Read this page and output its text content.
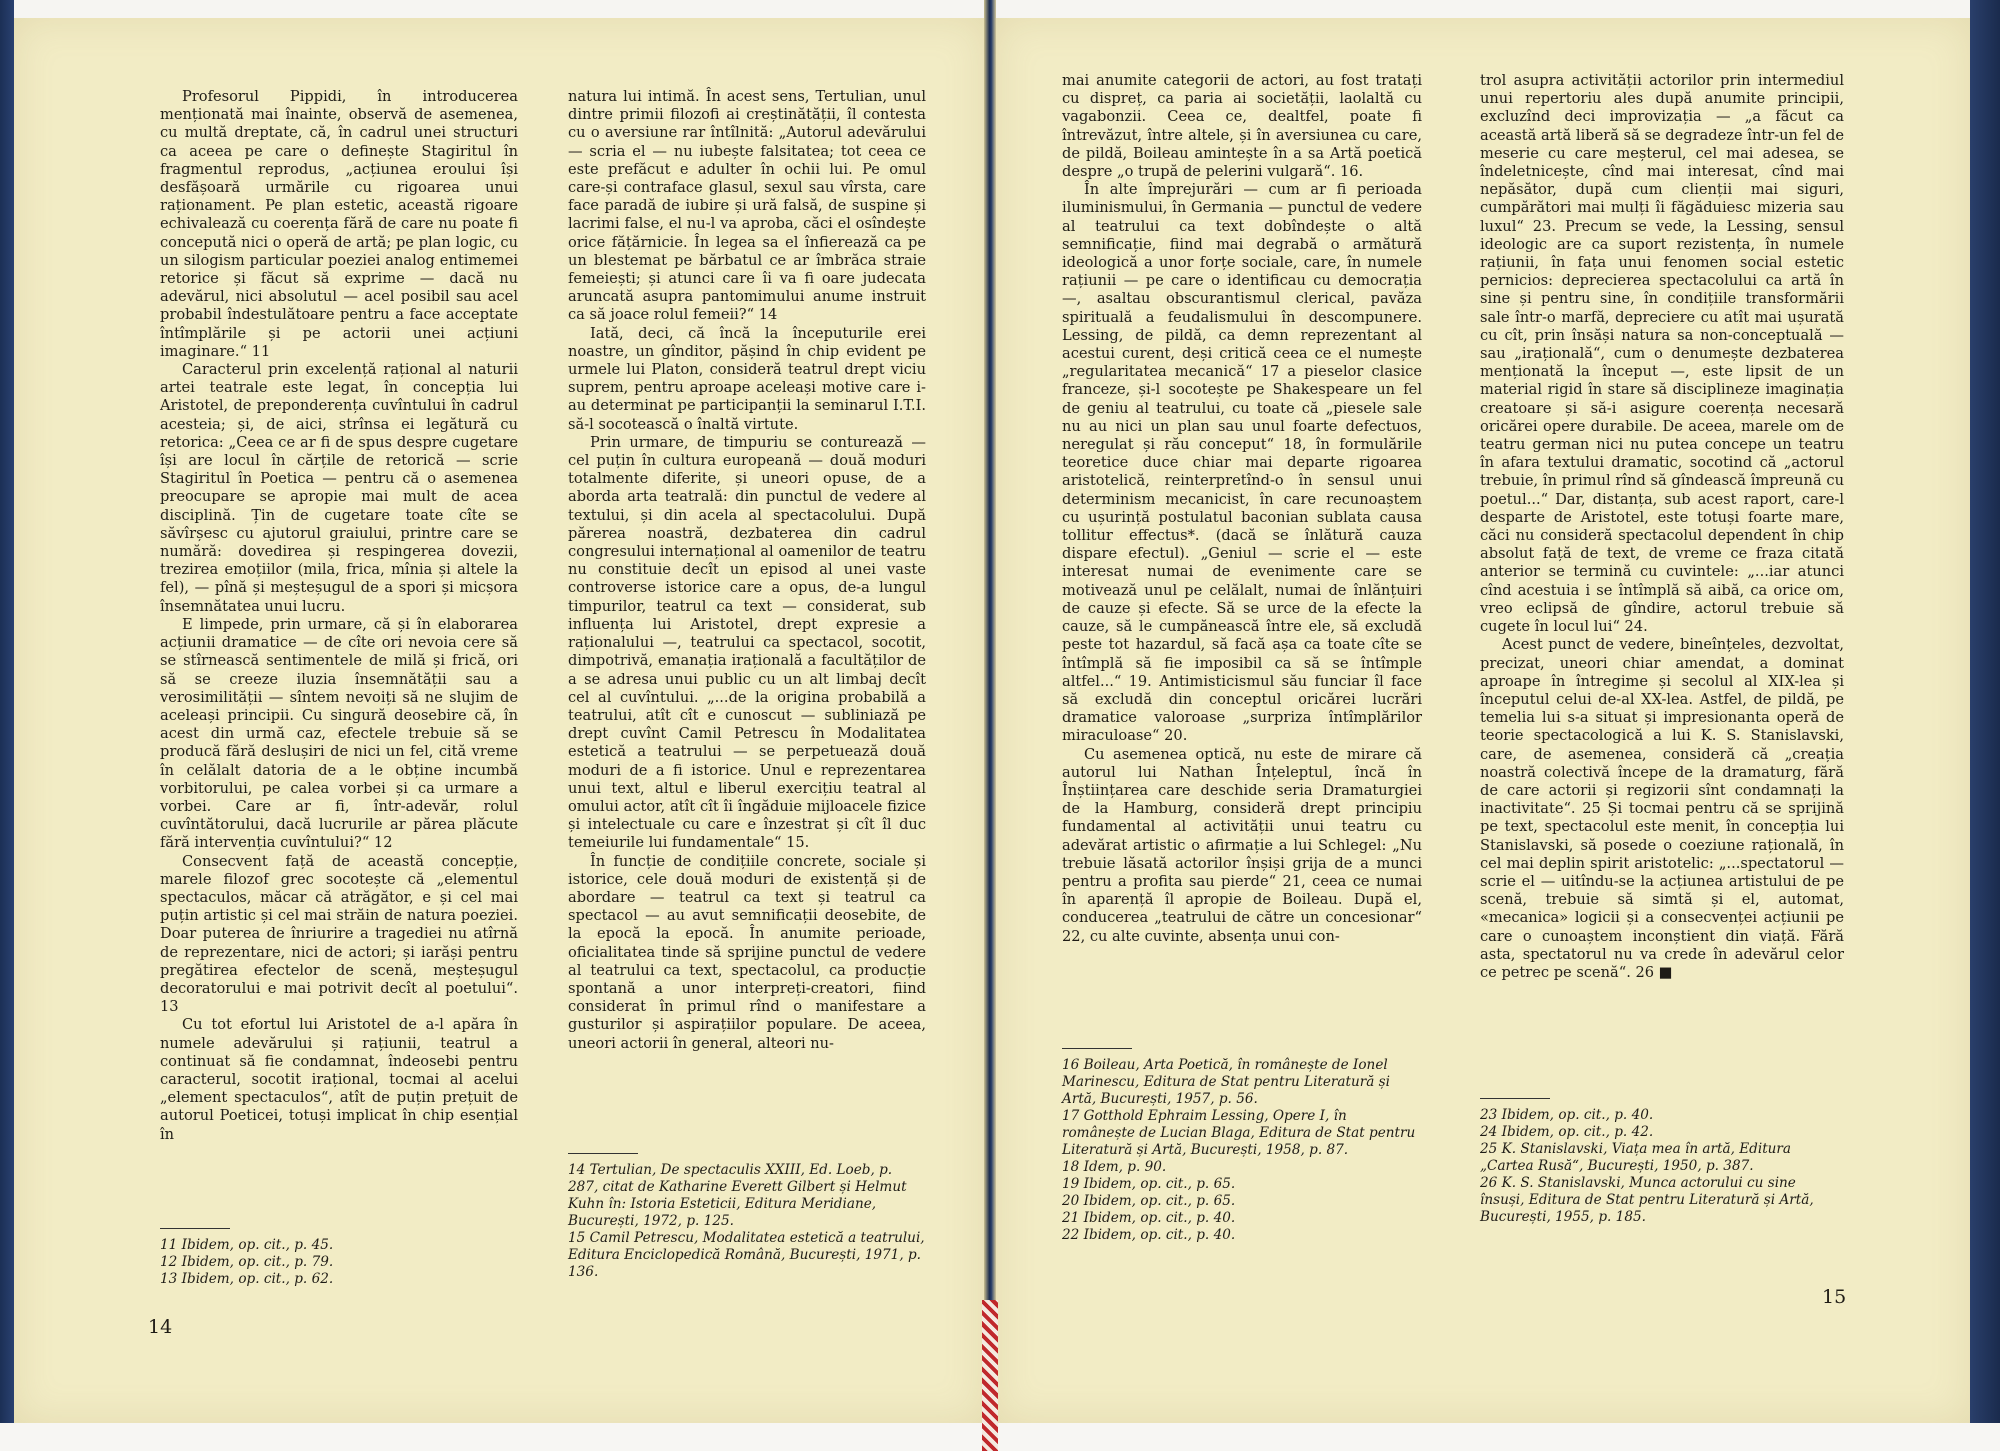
Profesorul Pippidi, în introducerea menționată mai înainte, observă de asemenea, cu multă dreptate, că, în cadrul unei structuri ca aceea pe care o definește Stagiritul în fragmentul reprodus, „acțiunea eroului își desfășoară urmările cu rigoarea unui raționament. Pe plan estetic, această rigoare echivalează cu coerența fără de care nu poate fi concepută nici o operă de artă; pe plan logic, cu un silogism particular poeziei analog entimemei retorice și făcut să exprime — dacă nu adevărul, nici absolutul — acel posibil sau acel probabil îndestulătoare pentru a face acceptate întîmplările și pe actorii unei acțiuni imaginare.“ 11

Caracterul prin excelență rațional al naturii artei teatrale este legat, în concepția lui Aristotel, de preponderența cuvîntului în cadrul acesteia; și, de aici, strînsa ei legătură cu retorica: „Ceea ce ar fi de spus despre cugetare își are locul în cărțile de retorică — scrie Stagiritul în Poetica — pentru că o asemenea preocupare se apropie mai mult de acea disciplină. Țin de cugetare toate cîte se săvîrșesc cu ajutorul graiului, printre care se numără: dovedirea și respingerea dovezii, trezirea emoțiilor (mila, frica, mînia și altele la fel), — pînă și meșteșugul de a spori și micșora însemnătatea unui lucru.

E limpede, prin urmare, că și în elaborarea acțiunii dramatice — de cîte ori nevoia cere să se stîrnească sentimentele de milă și frică, ori să se creeze iluzia însemnătății sau a verosimilității — sîntem nevoiți să ne slujim de aceleași principii. Cu singură deosebire că, în acest din urmă caz, efectele trebuie să se producă fără deslușiri de nici un fel, cită vreme în celălalt datoria de a le obține incumbă vorbitorului, pe calea vorbei și ca urmare a vorbei. Care ar fi, într-adevăr, rolul cuvîntătorului, dacă lucrurile ar părea plăcute fără intervenția cuvîntului?“ 12

Consecvent față de această concepție, marele filozof grec socotește că „elementul spectaculos, măcar că atrăgător, e și cel mai puțin artistic și cel mai străin de natura poeziei. Doar puterea de înriurire a tragediei nu atîrnă de reprezentare, nici de actori; și iarăși pentru pregătirea efectelor de scenă, meșteșugul decoratorului e mai potrivit decît al poetului“. 13

Cu tot efortul lui Aristotel de a-l apăra în numele adevărului și rațiunii, teatrul a continuat să fie condamnat, îndeosebi pentru caracterul, socotit irațional, tocmai al acelui „element spectaculos“, atît de puțin prețuit de autorul Poeticei, totuși implicat în chip esențial în

11 Ibidem, op. cit., p. 45.

12 Ibidem, op. cit., p. 79.

13 Ibidem, op. cit., p. 62.

natura lui intimă. În acest sens, Tertulian, unul dintre primii filozofi ai creștinătății, îl contesta cu o aversiune rar întîlnită: „Autorul adevărului — scria el — nu iubește falsitatea; tot ceea ce este prefăcut e adulter în ochii lui. Pe omul care-și contraface glasul, sexul sau vîrsta, care face paradă de iubire și ură falsă, de suspine și lacrimi false, el nu-l va aproba, căci el osîndește orice fățărnicie. În legea sa el înfierează ca pe un blestemat pe bărbatul ce ar îmbrăca straie femeiești; și atunci care îi va fi oare judecata aruncată asupra pantomimului anume instruit ca să joace rolul femeii?“ 14

Iată, deci, că încă la începuturile erei noastre, un gînditor, pășind în chip evident pe urmele lui Platon, consideră teatrul drept viciu suprem, pentru aproape aceleași motive care i-au determinat pe participanții la seminarul I.T.I. să-l socotească o înaltă virtute.

Prin urmare, de timpuriu se conturează — cel puțin în cultura europeană — două moduri totalmente diferite, și uneori opuse, de a aborda arta teatrală: din punctul de vedere al textului, și din acela al spectacolului. După părerea noastră, dezbaterea din cadrul congresului internațional al oamenilor de teatru nu constituie decît un episod al unei vaste controverse istorice care a opus, de-a lungul timpurilor, teatrul ca text — considerat, sub influența lui Aristotel, drept expresie a raționalului —, teatrului ca spectacol, socotit, dimpotrivă, emanația irațională a facultăților de a se adresa unui public cu un alt limbaj decît cel al cuvîntului. „...de la origina probabilă a teatrului, atît cît e cunoscut — subliniază pe drept cuvînt Camil Petrescu în Modalitatea estetică a teatrului — se perpetuează două moduri de a fi istorice. Unul e reprezentarea unui text, altul e liberul exercițiu teatral al omului actor, atît cît îi îngăduie mijloacele fizice și intelectuale cu care e înzestrat și cît îl duc temeiurile lui fundamentale“ 15.

În funcție de condițiile concrete, sociale și istorice, cele două moduri de existență și de abordare — teatrul ca text și teatrul ca spectacol — au avut semnificații deosebite, de la epocă la epocă. În anumite perioade, oficialitatea tinde să sprijine punctul de vedere al teatrului ca text, spectacolul, ca producție spontană a unor interpreți-creatori, fiind considerat în primul rînd o manifestare a gusturilor și aspirațiilor populare. De aceea, uneori actorii în general, alteori nu-

14 Tertulian, De spectaculis XXIII, Ed. Loeb, p. 287, citat de Katharine Everett Gilbert și Helmut Kuhn în: Istoria Esteticii, Editura Meridiane, București, 1972, p. 125.

15 Camil Petrescu, Modalitatea estetică a teatrului, Editura Enciclopedică Română, București, 1971, p. 136.

14

mai anumite categorii de actori, au fost tratați cu dispreț, ca paria ai societății, laolaltă cu vagabonzii. Ceea ce, dealtfel, poate fi întrevăzut, între altele, și în aversiunea cu care, de pildă, Boileau amintește în a sa Artă poetică despre „o trupă de pelerini vulgară“. 16.

În alte împrejurări — cum ar fi perioada iluminismului, în Germania — punctul de vedere al teatrului ca text dobîndește o altă semnificație, fiind mai degrabă o armătură ideologică a unor forțe sociale, care, în numele rațiunii — pe care o identificau cu democrația —, asaltau obscurantismul clerical, pavăza spirituală a feudalismului în descompunere. Lessing, de pildă, ca demn reprezentant al acestui curent, deși critică ceea ce el numește „regularitatea mecanică“ 17 a pieselor clasice franceze, și-l socotește pe Shakespeare un fel de geniu al teatrului, cu toate că „piesele sale nu au nici un plan sau unul foarte defectuos, neregulat și rău conceput“ 18, în formulările teoretice duce chiar mai departe rigoarea aristotelică, reinterpretînd-o în sensul unui determinism mecanicist, în care recunoaștem cu ușurință postulatul baconian sublata causa tollitur effectus*. (dacă se înlătură cauza dispare efectul). „Geniul — scrie el — este interesat numai de evenimente care se motivează unul pe celălalt, numai de înlănțuiri de cauze și efecte. Să se urce de la efecte la cauze, să le cumpănească între ele, să excludă peste tot hazardul, să facă așa ca toate cîte se întîmplă să fie imposibil ca să se întîmple altfel...“ 19. Antimisticismul său funciar îl face să excludă din conceptul oricărei lucrări dramatice valoroase „surpriza întîmplărilor miraculoase“ 20.

Cu asemenea optică, nu este de mirare că autorul lui Nathan Înțeleptul, încă în Înștiințarea care deschide seria Dramaturgiei de la Hamburg, consideră drept principiu fundamental al activității unui teatru cu adevărat artistic o afirmație a lui Schlegel: „Nu trebuie lăsată actorilor înșiși grija de a munci pentru a profita sau pierde“ 21, ceea ce numai în aparență îl apropie de Boileau. După el, conducerea „teatrului de către un concesionar“ 22, cu alte cuvinte, absența unui con-

16 Boileau, Arta Poetică, în românește de Ionel Marinescu, Editura de Stat pentru Literatură și Artă, București, 1957, p. 56.

17 Gotthold Ephraim Lessing, Opere I, în românește de Lucian Blaga, Editura de Stat pentru Literatură și Artă, București, 1958, p. 87.

18 Idem, p. 90.

19 Ibidem, op. cit., p. 65.

20 Ibidem, op. cit., p. 65.

21 Ibidem, op. cit., p. 40.

22 Ibidem, op. cit., p. 40.

trol asupra activității actorilor prin intermediul unui repertoriu ales după anumite principii, excluzînd deci improvizația — „a făcut ca această artă liberă să se degradeze într-un fel de meserie cu care meșterul, cel mai adesea, se îndeletnicește, cînd mai interesat, cînd mai nepăsător, după cum clienții mai siguri, cumpărători mai mulți îi făgăduiesc mizeria sau luxul“ 23. Precum se vede, la Lessing, sensul ideologic are ca suport rezistența, în numele rațiunii, în fața unui fenomen social estetic pernicios: deprecierea spectacolului ca artă în sine și pentru sine, în condițiile transformării sale într-o marfă, depreciere cu atît mai ușurată cu cît, prin însăși natura sa non-conceptuală — sau „irațională“, cum o denumește dezbaterea menționată la început —, este lipsit de un material rigid în stare să disciplineze imaginația creatoare și să-i asigure coerența necesară oricărei opere durabile. De aceea, marele om de teatru german nici nu putea concepe un teatru în afara textului dramatic, socotind că „actorul trebuie, în primul rînd să gîndească împreună cu poetul...“ Dar, distanța, sub acest raport, care-l desparte de Aristotel, este totuși foarte mare, căci nu consideră spectacolul dependent în chip absolut față de text, de vreme ce fraza citată anterior se termină cu cuvintele: „...iar atunci cînd acestuia i se întîmplă să aibă, ca orice om, vreo eclipsă de gîndire, actorul trebuie să cugete în locul lui“ 24.

Acest punct de vedere, bineînțeles, dezvoltat, precizat, uneori chiar amendat, a dominat aproape în întregime și secolul al XIX-lea și începutul celui de-al XX-lea. Astfel, de pildă, pe temelia lui s-a situat și impresionanta operă de teorie spectacologică a lui K. S. Stanislavski, care, de asemenea, consideră că „creația noastră colectivă începe de la dramaturg, fără de care actorii și regizorii sînt condamnați la inactivitate“. 25 Și tocmai pentru că se sprijină pe text, spectacolul este menit, în concepția lui Stanislavski, să posede o coeziune rațională, în cel mai deplin spirit aristotelic: „...spectatorul — scrie el — uitîndu-se la acțiunea artistului de pe scenă, trebuie să simtă și el, automat, «mecanica» logicii și a consecvenței acțiunii pe care o cunoaștem inconștient din viață. Fără asta, spectatorul nu va crede în adevărul celor ce petrec pe scenă“. 26 ■

23 Ibidem, op. cit., p. 40.

24 Ibidem, op. cit., p. 42.

25 K. Stanislavski, Viața mea în artă, Editura „Cartea Rusă“, București, 1950, p. 387.

26 K. S. Stanislavski, Munca actorului cu sine însuși, Editura de Stat pentru Literatură și Artă, București, 1955, p. 185.

15
